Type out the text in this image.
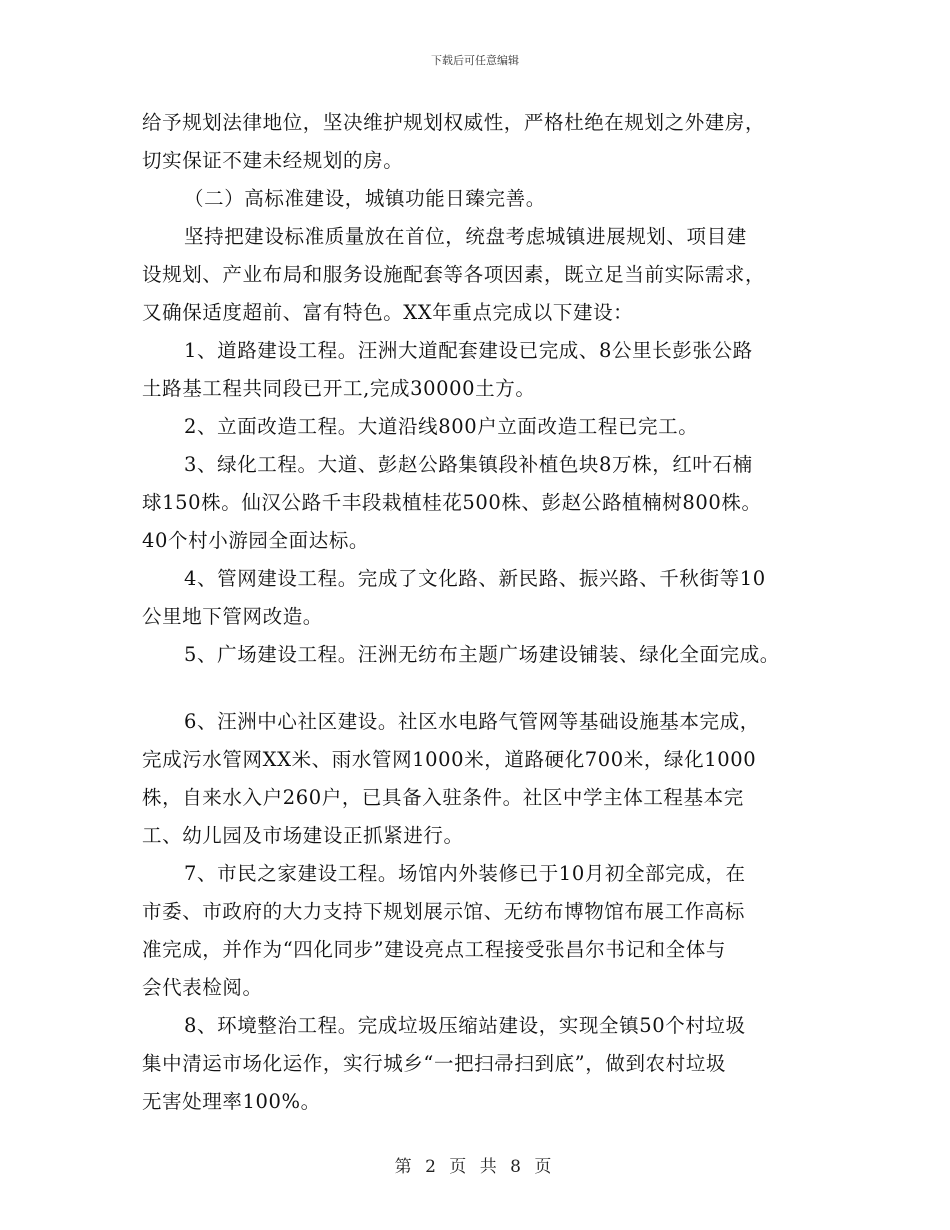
下载后可任意编辑
给予规划法律地位，坚决维护规划权威性，严格杜绝在规划之外建房，
切实保证不建未经规划的房。
（二）高标准建设，城镇功能日臻完善。
坚持把建设标准质量放在首位，统盘考虑城镇进展规划、项目建
设规划、产业布局和服务设施配套等各项因素，既立足当前实际需求，
又确保适度超前、富有特色。XX年重点完成以下建设：
1、道路建设工程。汪洲大道配套建设已完成、8公里长彭张公路
土路基工程共同段已开工,完成30000土方。
2、立面改造工程。大道沿线800户立面改造工程已完工。
3、绿化工程。大道、彭赵公路集镇段补植色块8万株，红叶石楠
球150株。仙汉公路千丰段栽植桂花500株、彭赵公路植楠树800株。
40个村小游园全面达标。
4、管网建设工程。完成了文化路、新民路、振兴路、千秋街等10
公里地下管网改造。
5、广场建设工程。汪洲无纺布主题广场建设铺装、绿化全面完成。
6、汪洲中心社区建设。社区水电路气管网等基础设施基本完成，
完成污水管网XX米、雨水管网1000米，道路硬化700米，绿化1000
株，自来水入户260户，已具备入驻条件。社区中学主体工程基本完
工、幼儿园及市场建设正抓紧进行。
7、市民之家建设工程。场馆内外装修已于10月初全部完成，在
市委、市政府的大力支持下规划展示馆、无纺布博物馆布展工作高标
准完成，并作为“四化同步”建设亮点工程接受张昌尔书记和全体与
会代表检阅。
8、环境整治工程。完成垃圾压缩站建设，实现全镇50个村垃圾
集中清运市场化运作，实行城乡“一把扫帚扫到底”，做到农村垃圾
无害处理率100%。
第 2 页 共 8 页
